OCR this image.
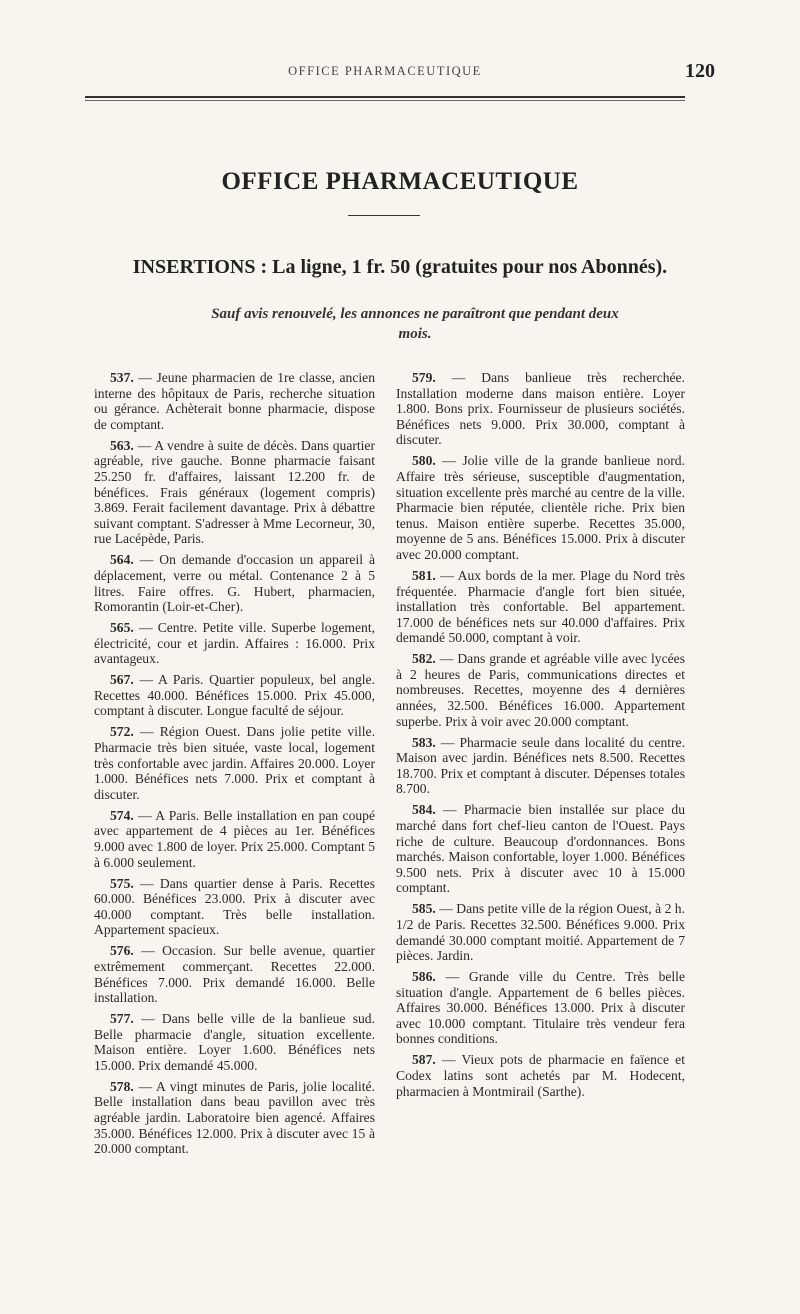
OFFICE PHARMACEUTIQUE	120
OFFICE PHARMACEUTIQUE
INSERTIONS : La ligne, 1 fr. 50 (gratuites pour nos Abonnés).
Sauf avis renouvelé, les annonces ne paraîtront que pendant deux mois.

537. — Jeune pharmacien de 1re classe, ancien interne des hôpitaux de Paris, recherche situation ou gérance. Achèterait bonne pharmacie, dispose de comptant.

563. — A vendre à suite de décès. Dans quartier agréable, rive gauche. Bonne pharmacie faisant 25.250 fr. d'affaires, laissant 12.200 fr. de bénéfices. Frais généraux (logement compris) 3.869. Ferait facilement davantage. Prix à débattre suivant comptant. S'adresser à Mme Lecorneur, 30, rue Lacépède, Paris.

564. — On demande d'occasion un appareil à déplacement, verre ou métal. Contenance 2 à 5 litres. Faire offres. G. Hubert, pharmacien, Romorantin (Loir-et-Cher).

565. — Centre. Petite ville. Superbe logement, électricité, cour et jardin. Affaires : 16.000. Prix avantageux.

567. — A Paris. Quartier populeux, bel angle. Recettes 40.000. Bénéfices 15.000. Prix 45.000, comptant à discuter. Longue faculté de séjour.

572. — Région Ouest. Dans jolie petite ville. Pharmacie très bien située, vaste local, logement très confortable avec jardin. Affaires 20.000. Loyer 1.000. Bénéfices nets 7.000. Prix et comptant à discuter.

574. — A Paris. Belle installation en pan coupé avec appartement de 4 pièces au 1er. Bénéfices 9.000 avec 1.800 de loyer. Prix 25.000. Comptant 5 à 6.000 seulement.

575. — Dans quartier dense à Paris. Recettes 60.000. Bénéfices 23.000. Prix à discuter avec 40.000 comptant. Très belle installation. Appartement spacieux.

576. — Occasion. Sur belle avenue, quartier extrêmement commerçant. Recettes 22.000. Bénéfices 7.000. Prix demandé 16.000. Belle installation.

577. — Dans belle ville de la banlieue sud. Belle pharmacie d'angle, situation excellente. Maison entière. Loyer 1.600. Bénéfices nets 15.000. Prix demandé 45.000.

578. — A vingt minutes de Paris, jolie localité. Belle installation dans beau pavillon avec très agréable jardin. Laboratoire bien agencé. Affaires 35.000. Bénéfices 12.000. Prix à discuter avec 15 à 20.000 comptant.

579. — Dans banlieue très recherchée. Installation moderne dans maison entière. Loyer 1.800. Bons prix. Fournisseur de plusieurs sociétés. Bénéfices nets 9.000. Prix 30.000, comptant à discuter.

580. — Jolie ville de la grande banlieue nord. Affaire très sérieuse, susceptible d'augmentation, situation excellente près marché au centre de la ville. Pharmacie bien réputée, clientèle riche. Prix bien tenus. Maison entière superbe. Recettes 35.000, moyenne de 5 ans. Bénéfices 15.000. Prix à discuter avec 20.000 comptant.

581. — Aux bords de la mer. Plage du Nord très fréquentée. Pharmacie d'angle fort bien située, installation très confortable. Bel appartement. 17.000 de bénéfices nets sur 40.000 d'affaires. Prix demandé 50.000, comptant à voir.

582. — Dans grande et agréable ville avec lycées à 2 heures de Paris, communications directes et nombreuses. Recettes, moyenne des 4 dernières années, 32.500. Bénéfices 16.000. Appartement superbe. Prix à voir avec 20.000 comptant.

583. — Pharmacie seule dans localité du centre. Maison avec jardin. Bénéfices nets 8.500. Recettes 18.700. Prix et comptant à discuter. Dépenses totales 8.700.

584. — Pharmacie bien installée sur place du marché dans fort chef-lieu canton de l'Ouest. Pays riche de culture. Beaucoup d'ordonnances. Bons marchés. Maison confortable, loyer 1.000. Bénéfices 9.500 nets. Prix à discuter avec 10 à 15.000 comptant.

585. — Dans petite ville de la région Ouest, à 2 h. 1/2 de Paris. Recettes 32.500. Bénéfices 9.000. Prix demandé 30.000 comptant moitié. Appartement de 7 pièces. Jardin.

586. — Grande ville du Centre. Très belle situation d'angle. Appartement de 6 belles pièces. Affaires 30.000. Bénéfices 13.000. Prix à discuter avec 10.000 comptant. Titulaire très vendeur fera bonnes conditions.

587. — Vieux pots de pharmacie en faïence et Codex latins sont achetés par M. Hodecent, pharmacien à Montmirail (Sarthe).
